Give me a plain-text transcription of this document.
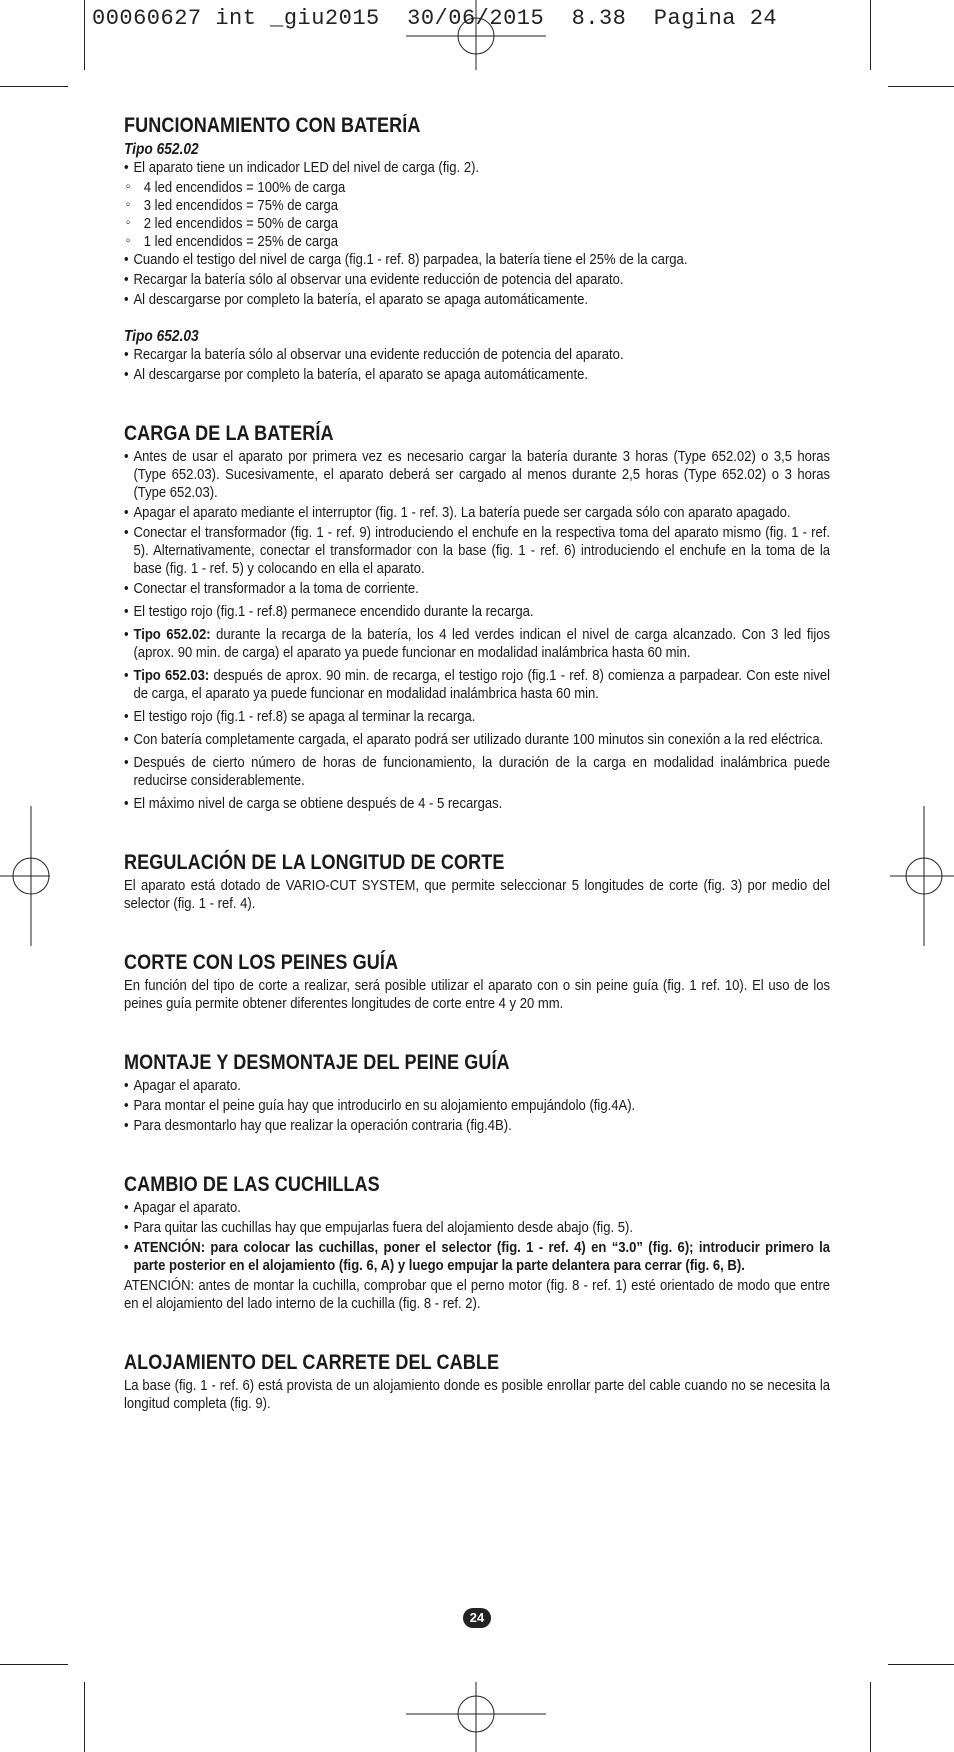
00060627 int _giu2015  30/06/2015  8.38  Pagina 24
FUNCIONAMIENTO CON BATERÍA

Tipo 652.02

• El aparato tiene un indicador LED del nivel de carga (fig. 2).
◦ 4 led encendidos = 100% de carga
◦ 3 led encendidos = 75% de carga
◦ 2 led encendidos = 50% de carga
◦ 1 led encendidos = 25% de carga
• Cuando el testigo del nivel de carga (fig.1 - ref. 8) parpadea, la batería tiene el 25% de la carga.
• Recargar la batería sólo al observar una evidente reducción de potencia del aparato.
• Al descargarse por completo la batería, el aparato se apaga automáticamente.

Tipo 652.03

• Recargar la batería sólo al observar una evidente reducción de potencia del aparato.
• Al descargarse por completo la batería, el aparato se apaga automáticamente.
CARGA DE LA BATERÍA
• Antes de usar el aparato por primera vez es necesario cargar la batería durante 3 horas (Type 652.02) o 3,5 horas (Type 652.03). Sucesivamente, el aparato deberá ser cargado al menos durante 2,5 horas (Type 652.02) o 3 horas (Type 652.03).
• Apagar el aparato mediante el interruptor (fig. 1 - ref. 3). La batería puede ser cargada sólo con aparato apagado.
• Conectar el transformador (fig. 1 - ref. 9) introduciendo el enchufe en la respectiva toma del aparato mismo (fig. 1 - ref. 5). Alternativamente, conectar el transformador con la base (fig. 1 - ref. 6) introduciendo el enchufe en la toma de la base (fig. 1 - ref. 5) y colocando en ella el aparato.
• Conectar el transformador a la toma de corriente.
• El testigo rojo (fig.1 - ref.8) permanece encendido durante la recarga.
• Tipo 652.02: durante la recarga de la batería, los 4 led verdes indican el nivel de carga alcanzado. Con 3 led fijos (aprox. 90 min. de carga) el aparato ya puede funcionar en modalidad inalámbrica hasta 60 min.
• Tipo 652.03: después de aprox. 90 min. de recarga, el testigo rojo (fig.1 - ref. 8) comienza a parpadear. Con este nivel de carga, el aparato ya puede funcionar en modalidad inalámbrica hasta 60 min.
• El testigo rojo (fig.1 - ref.8) se apaga al terminar la recarga.
• Con batería completamente cargada, el aparato podrá ser utilizado durante 100 minutos sin conexión a la red eléctrica.
• Después de cierto número de horas de funcionamiento, la duración de la carga en modalidad inalámbrica puede reducirse considerablemente.
• El máximo nivel de carga se obtiene después de 4 - 5 recargas.
REGULACIÓN DE LA LONGITUD DE CORTE

El aparato está dotado de VARIO-CUT SYSTEM, que permite seleccionar 5 longitudes de corte (fig. 3) por medio del selector (fig. 1 - ref. 4).

CORTE CON LOS PEINES GUÍA

En función del tipo de corte a realizar, será posible utilizar el aparato con o sin peine guía (fig. 1 ref. 10). El uso de los peines guía permite obtener diferentes longitudes de corte entre 4 y 20 mm.

MONTAJE Y DESMONTAJE DEL PEINE GUÍA
• Apagar el aparato.
• Para montar el peine guía hay que introducirlo en su alojamiento empujándolo (fig.4A).
• Para desmontarlo hay que realizar la operación contraria (fig.4B).
CAMBIO DE LAS CUCHILLAS
• Apagar el aparato.
• Para quitar las cuchillas hay que empujarlas fuera del alojamiento desde abajo (fig. 5).
• ATENCIÓN: para colocar las cuchillas, poner el selector (fig. 1 - ref. 4) en “3.0” (fig. 6); introducir primero la parte posterior en el alojamiento (fig. 6, A) y luego empujar la parte delantera para cerrar (fig. 6, B).

ATENCIÓN: antes de montar la cuchilla, comprobar que el perno motor (fig. 8 - ref. 1) esté orientado de modo que entre en el alojamiento del lado interno de la cuchilla (fig. 8 - ref. 2).

ALOJAMIENTO DEL CARRETE DEL CABLE

La base (fig. 1 - ref. 6) está provista de un alojamiento donde es posible enrollar parte del cable cuando no se necesita la longitud completa (fig. 9).

24
